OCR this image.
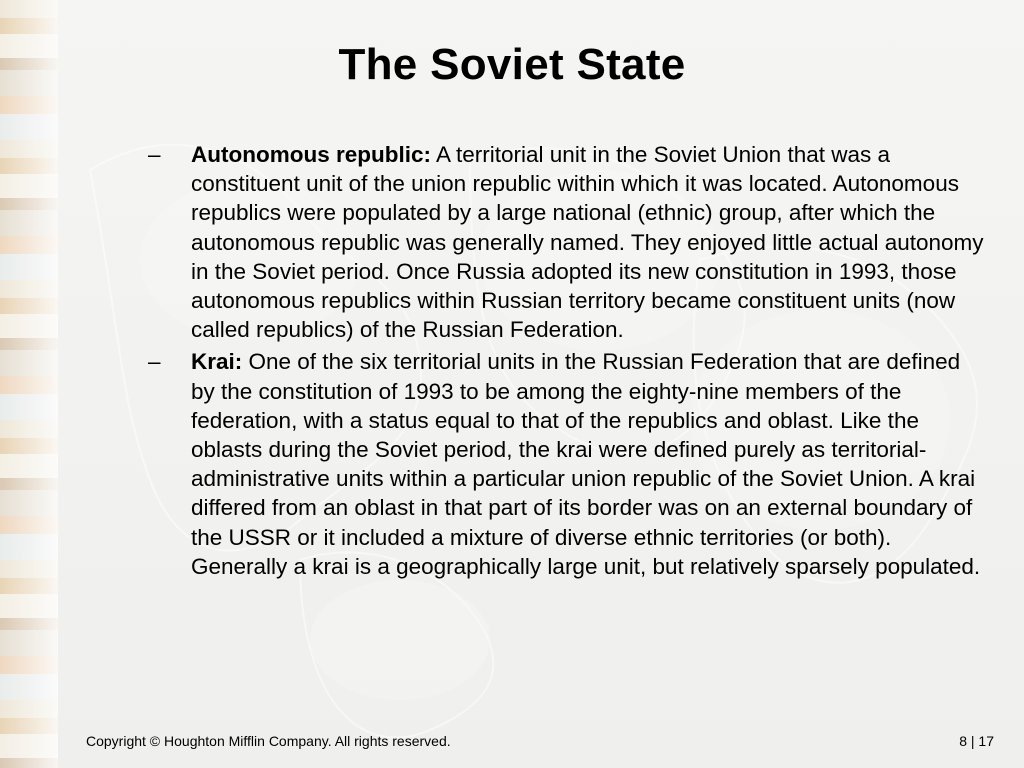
The Soviet State
– Autonomous republic: A territorial unit in the Soviet Union that was a constituent unit of the union republic within which it was located. Autonomous republics were populated by a large national (ethnic) group, after which the autonomous republic was generally named. They enjoyed little actual autonomy in the Soviet period. Once Russia adopted its new constitution in 1993, those autonomous republics within Russian territory became constituent units (now called republics) of the Russian Federation.
– Krai: One of the six territorial units in the Russian Federation that are defined by the constitution of 1993 to be among the eighty-nine members of the federation, with a status equal to that of the republics and oblast. Like the oblasts during the Soviet period, the krai were defined purely as territorial-administrative units within a particular union republic of the Soviet Union. A krai differed from an oblast in that part of its border was on an external boundary of the USSR or it included a mixture of diverse ethnic territories (or both). Generally a krai is a geographically large unit, but relatively sparsely populated.
Copyright © Houghton Mifflin Company. All rights reserved.	8 | 17
